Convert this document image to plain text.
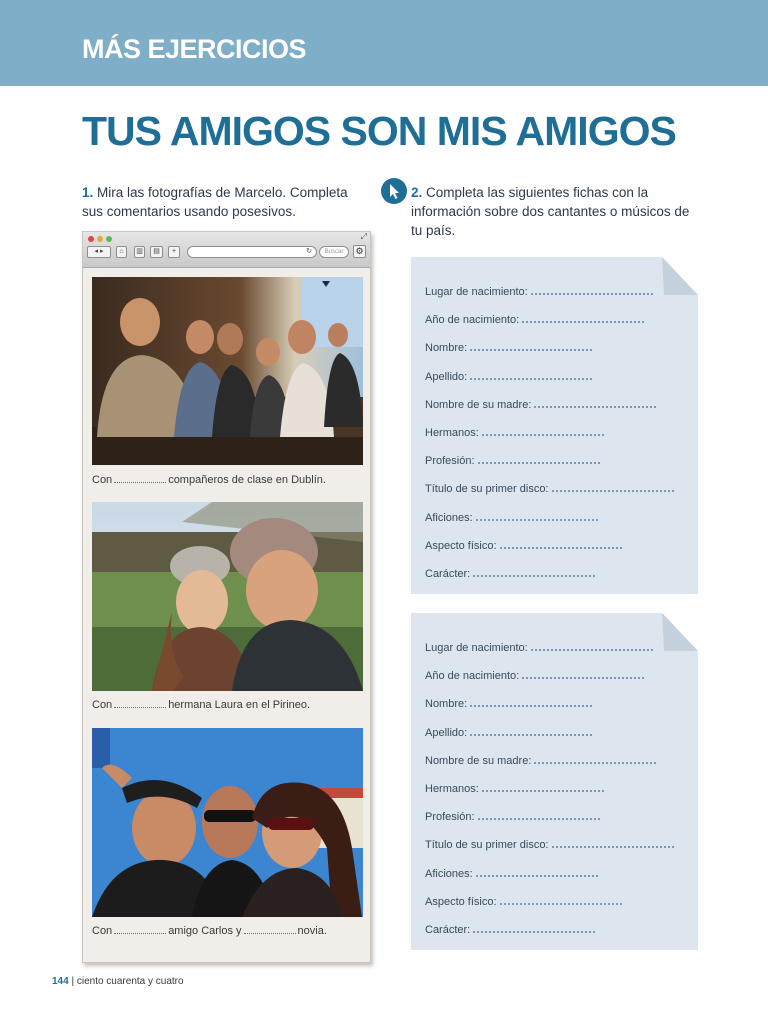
MÁS EJERCICIOS
TUS AMIGOS SON MIS AMIGOS

1. Mira las fotografías de Marcelo. Completa sus comentarios usando posesivos.

2. Completa las siguientes fichas con la información sobre dos cantantes o músicos de tu país.

◂ ▸	⌂	▥	▤	+	↻	Buscar	⚙
⤢
Con	compañeros de clase en Dublín.
Con	hermana Laura en el Pirineo.
Con	amigo Carlos y	novia.
Lugar de nacimiento:
Año de nacimiento:
Nombre:
Apellido:
Nombre de su madre:
Hermanos:
Profesión:
Título de su primer disco:
Aficiones:
Aspecto físico:
Carácter:
Lugar de nacimiento:
Año de nacimiento:
Nombre:
Apellido:
Nombre de su madre:
Hermanos:
Profesión:
Título de su primer disco:
Aficiones:
Aspecto físico:
Carácter:
144 | ciento cuarenta y cuatro
